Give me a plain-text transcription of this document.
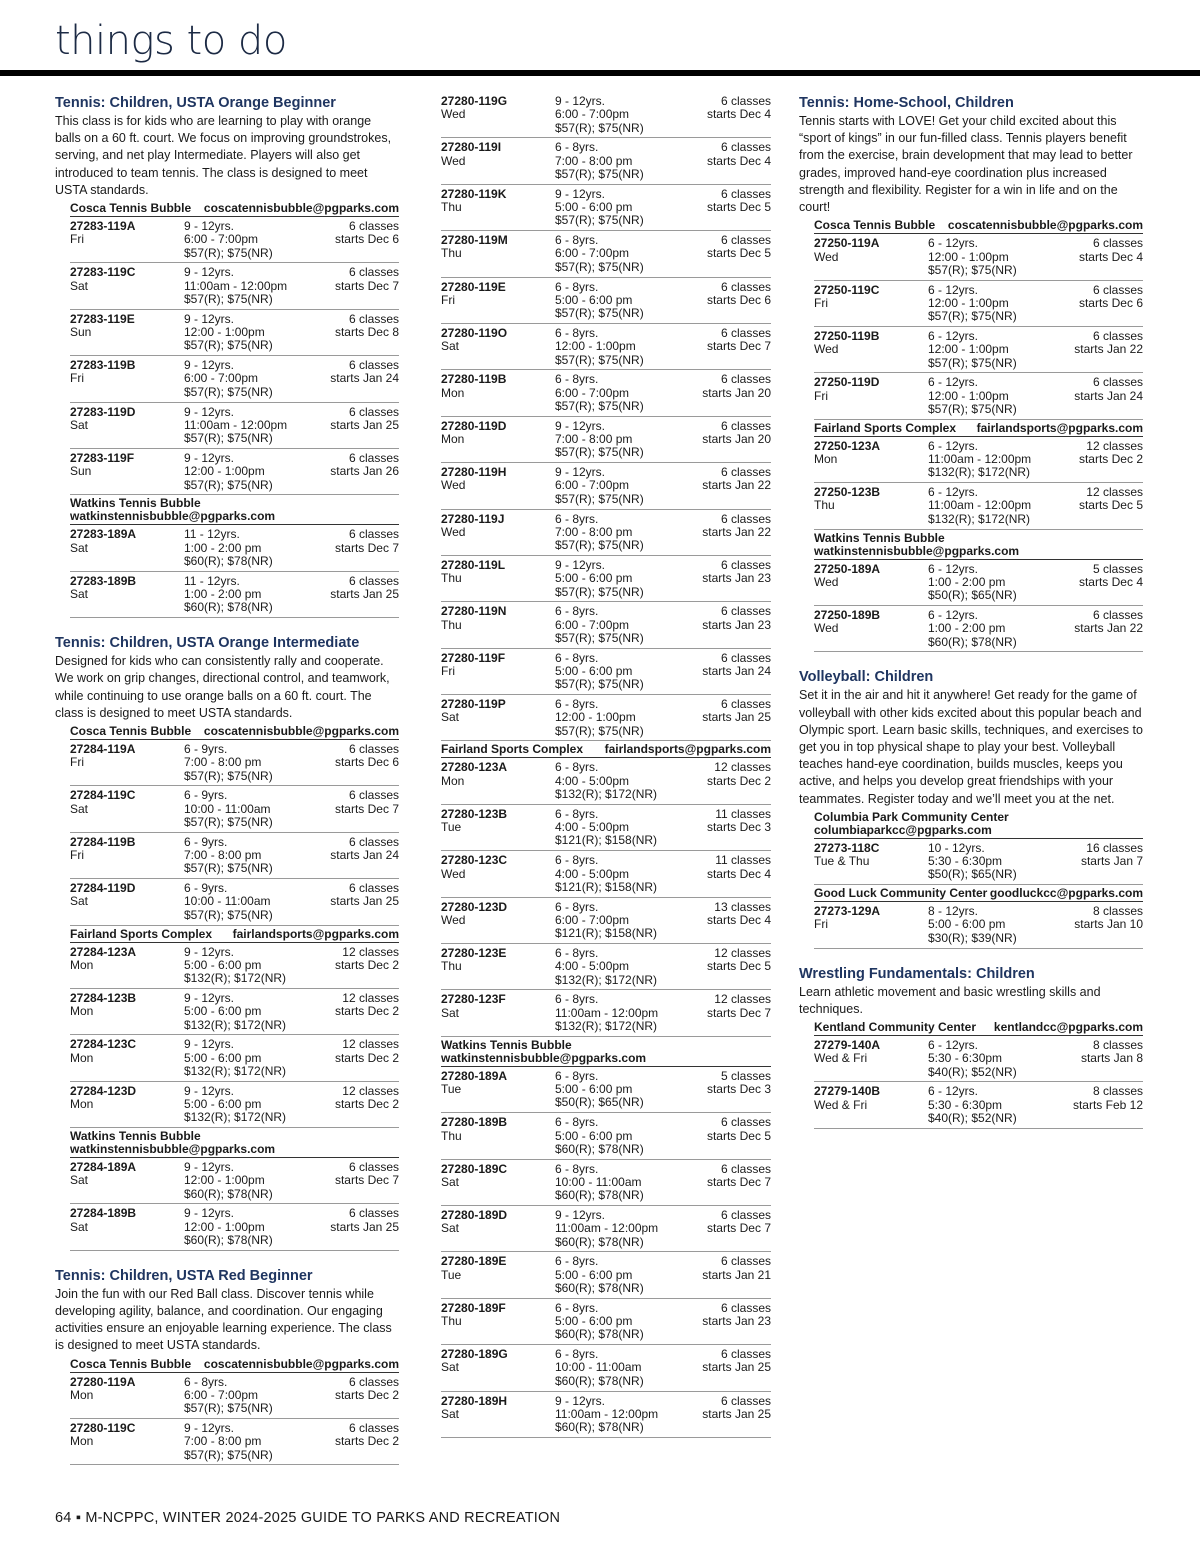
things to do
Tennis: Children, USTA Orange Beginner
This class is for kids who are learning to play with orange balls on a 60 ft. court. We focus on improving groundstrokes, serving, and net play Intermediate. Players will also get introduced to team tennis. The class is designed to meet USTA standards.
Cosca Tennis Bubble coscatennisbubble@pgparks.com
27283-119A	9 - 12yrs.	6 classes
Fri	6:00 - 7:00pm	starts Dec 6
$57(R); $75(NR)
27283-119C	9 - 12yrs.	6 classes
Sat	11:00am - 12:00pm	starts Dec 7
$57(R); $75(NR)
27283-119E	9 - 12yrs.	6 classes
Sun	12:00 - 1:00pm	starts Dec 8
$57(R); $75(NR)
27283-119B	9 - 12yrs.	6 classes
Fri	6:00 - 7:00pm	starts Jan 24
$57(R); $75(NR)
27283-119D	9 - 12yrs.	6 classes
Sat	11:00am - 12:00pm	starts Jan 25
$57(R); $75(NR)
27283-119F	9 - 12yrs.	6 classes
Sun	12:00 - 1:00pm	starts Jan 26
$57(R); $75(NR)
Watkins Tennis Bubble
watkinstennisbubble@pgparks.com
27283-189A	11 - 12yrs.	6 classes
Sat	1:00 - 2:00 pm	starts Dec 7
$60(R); $78(NR)
27283-189B	11 - 12yrs.	6 classes
Sat	1:00 - 2:00 pm	starts Jan 25
$60(R); $78(NR)
Tennis: Children, USTA Orange Intermediate
Designed for kids who can consistently rally and cooperate. We work on grip changes, directional control, and teamwork, while continuing to use orange balls on a 60 ft. court. The class is designed to meet USTA standards.
Cosca Tennis Bubble coscatennisbubble@pgparks.com
27284-119A	6 - 9yrs.	6 classes
Fri	7:00 - 8:00 pm	starts Dec 6
$57(R); $75(NR)
27284-119C	6 - 9yrs.	6 classes
Sat	10:00 - 11:00am	starts Dec 7
$57(R); $75(NR)
27284-119B	6 - 9yrs.	6 classes
Fri	7:00 - 8:00 pm	starts Jan 24
$57(R); $75(NR)
27284-119D	6 - 9yrs.	6 classes
Sat	10:00 - 11:00am	starts Jan 25
$57(R); $75(NR)
Fairland Sports Complex fairlandsports@pgparks.com
27284-123A	9 - 12yrs.	12 classes
Mon	5:00 - 6:00 pm	starts Dec 2
$132(R); $172(NR)
27284-123B	9 - 12yrs.	12 classes
Mon	5:00 - 6:00 pm	starts Dec 2
$132(R); $172(NR)
27284-123C	9 - 12yrs.	12 classes
Mon	5:00 - 6:00 pm	starts Dec 2
$132(R); $172(NR)
27284-123D	9 - 12yrs.	12 classes
Mon	5:00 - 6:00 pm	starts Dec 2
$132(R); $172(NR)
Watkins Tennis Bubble
watkinstennisbubble@pgparks.com
27284-189A	9 - 12yrs.	6 classes
Sat	12:00 - 1:00pm	starts Dec 7
$60(R); $78(NR)
27284-189B	9 - 12yrs.	6 classes
Sat	12:00 - 1:00pm	starts Jan 25
$60(R); $78(NR)
Tennis: Children, USTA Red Beginner
Join the fun with our Red Ball class. Discover tennis while developing agility, balance, and coordination. Our engaging activities ensure an enjoyable learning experience. The class is designed to meet USTA standards.
Cosca Tennis Bubble coscatennisbubble@pgparks.com
27280-119A	6 - 8yrs.	6 classes
Mon	6:00 - 7:00pm	starts Dec 2
$57(R); $75(NR)
27280-119C	9 - 12yrs.	6 classes
Mon	7:00 - 8:00 pm	starts Dec 2
$57(R); $75(NR)
27280-119G	9 - 12yrs.	6 classes
Wed	6:00 - 7:00pm	starts Dec 4
$57(R); $75(NR)
27280-119I	6 - 8yrs.	6 classes
Wed	7:00 - 8:00 pm	starts Dec 4
$57(R); $75(NR)
27280-119K	9 - 12yrs.	6 classes
Thu	5:00 - 6:00 pm	starts Dec 5
$57(R); $75(NR)
27280-119M	6 - 8yrs.	6 classes
Thu	6:00 - 7:00pm	starts Dec 5
$57(R); $75(NR)
27280-119E	6 - 8yrs.	6 classes
Fri	5:00 - 6:00 pm	starts Dec 6
$57(R); $75(NR)
27280-119O	6 - 8yrs.	6 classes
Sat	12:00 - 1:00pm	starts Dec 7
$57(R); $75(NR)
27280-119B	6 - 8yrs.	6 classes
Mon	6:00 - 7:00pm	starts Jan 20
$57(R); $75(NR)
27280-119D	9 - 12yrs.	6 classes
Mon	7:00 - 8:00 pm	starts Jan 20
$57(R); $75(NR)
27280-119H	9 - 12yrs.	6 classes
Wed	6:00 - 7:00pm	starts Jan 22
$57(R); $75(NR)
27280-119J	6 - 8yrs.	6 classes
Wed	7:00 - 8:00 pm	starts Jan 22
$57(R); $75(NR)
27280-119L	9 - 12yrs.	6 classes
Thu	5:00 - 6:00 pm	starts Jan 23
$57(R); $75(NR)
27280-119N	6 - 8yrs.	6 classes
Thu	6:00 - 7:00pm	starts Jan 23
$57(R); $75(NR)
27280-119F	6 - 8yrs.	6 classes
Fri	5:00 - 6:00 pm	starts Jan 24
$57(R); $75(NR)
27280-119P	6 - 8yrs.	6 classes
Sat	12:00 - 1:00pm	starts Jan 25
$57(R); $75(NR)
Fairland Sports Complex fairlandsports@pgparks.com
27280-123A	6 - 8yrs.	12 classes
Mon	4:00 - 5:00pm	starts Dec 2
$132(R); $172(NR)
27280-123B	6 - 8yrs.	11 classes
Tue	4:00 - 5:00pm	starts Dec 3
$121(R); $158(NR)
27280-123C	6 - 8yrs.	11 classes
Wed	4:00 - 5:00pm	starts Dec 4
$121(R); $158(NR)
27280-123D	6 - 8yrs.	13 classes
Wed	6:00 - 7:00pm	starts Dec 4
$121(R); $158(NR)
27280-123E	6 - 8yrs.	12 classes
Thu	4:00 - 5:00pm	starts Dec 5
$132(R); $172(NR)
27280-123F	6 - 8yrs.	12 classes
Sat	11:00am - 12:00pm	starts Dec 7
$132(R); $172(NR)
Watkins Tennis Bubble
watkinstennisbubble@pgparks.com
27280-189A	6 - 8yrs.	5 classes
Tue	5:00 - 6:00 pm	starts Dec 3
$50(R); $65(NR)
27280-189B	6 - 8yrs.	6 classes
Thu	5:00 - 6:00 pm	starts Dec 5
$60(R); $78(NR)
27280-189C	6 - 8yrs.	6 classes
Sat	10:00 - 11:00am	starts Dec 7
$60(R); $78(NR)
27280-189D	9 - 12yrs.	6 classes
Sat	11:00am - 12:00pm	starts Dec 7
$60(R); $78(NR)
27280-189E	6 - 8yrs.	6 classes
Tue	5:00 - 6:00 pm	starts Jan 21
$60(R); $78(NR)
27280-189F	6 - 8yrs.	6 classes
Thu	5:00 - 6:00 pm	starts Jan 23
$60(R); $78(NR)
27280-189G	6 - 8yrs.	6 classes
Sat	10:00 - 11:00am	starts Jan 25
$60(R); $78(NR)
27280-189H	9 - 12yrs.	6 classes
Sat	11:00am - 12:00pm	starts Jan 25
$60(R); $78(NR)
Tennis: Home-School, Children
Tennis starts with LOVE! Get your child excited about this “sport of kings” in our fun-filled class. Tennis players benefit from the exercise, brain development that may lead to better grades, improved hand-eye coordination plus increased strength and flexibility. Register for a win in life and on the court!
Cosca Tennis Bubble coscatennisbubble@pgparks.com
27250-119A	6 - 12yrs.	6 classes
Wed	12:00 - 1:00pm	starts Dec 4
$57(R); $75(NR)
27250-119C	6 - 12yrs.	6 classes
Fri	12:00 - 1:00pm	starts Dec 6
$57(R); $75(NR)
27250-119B	6 - 12yrs.	6 classes
Wed	12:00 - 1:00pm	starts Jan 22
$57(R); $75(NR)
27250-119D	6 - 12yrs.	6 classes
Fri	12:00 - 1:00pm	starts Jan 24
$57(R); $75(NR)
Fairland Sports Complex fairlandsports@pgparks.com
27250-123A	6 - 12yrs.	12 classes
Mon	11:00am - 12:00pm	starts Dec 2
$132(R); $172(NR)
27250-123B	6 - 12yrs.	12 classes
Thu	11:00am - 12:00pm	starts Dec 5
$132(R); $172(NR)
Watkins Tennis Bubble
watkinstennisbubble@pgparks.com
27250-189A	6 - 12yrs.	5 classes
Wed	1:00 - 2:00 pm	starts Dec 4
$50(R); $65(NR)
27250-189B	6 - 12yrs.	6 classes
Wed	1:00 - 2:00 pm	starts Jan 22
$60(R); $78(NR)
Volleyball: Children
Set it in the air and hit it anywhere! Get ready for the game of volleyball with other kids excited about this popular beach and Olympic sport. Learn basic skills, techniques, and exercises to get you in top physical shape to play your best. Volleyball teaches hand-eye coordination, builds muscles, keeps you active, and helps you develop great friendships with your teammates. Register today and we’ll meet you at the net.
Columbia Park Community Center
columbiaparkcc@pgparks.com
27273-118C	10 - 12yrs.	16 classes
Tue & Thu	5:30 - 6:30pm	starts Jan 7
$50(R); $65(NR)
Good Luck Community Center goodluckcc@pgparks.com
27273-129A	8 - 12yrs.	8 classes
Fri	5:00 - 6:00 pm	starts Jan 10
$30(R); $39(NR)
Wrestling Fundamentals: Children
Learn athletic movement and basic wrestling skills and techniques.
Kentland Community Center kentlandcc@pgparks.com
27279-140A	6 - 12yrs.	8 classes
Wed & Fri	5:30 - 6:30pm	starts Jan 8
$40(R); $52(NR)
27279-140B	6 - 12yrs.	8 classes
Wed & Fri	5:30 - 6:30pm	starts Feb 12
$40(R); $52(NR)
64 ▪ M-NCPPC, WINTER 2024-2025 GUIDE TO PARKS AND RECREATION
